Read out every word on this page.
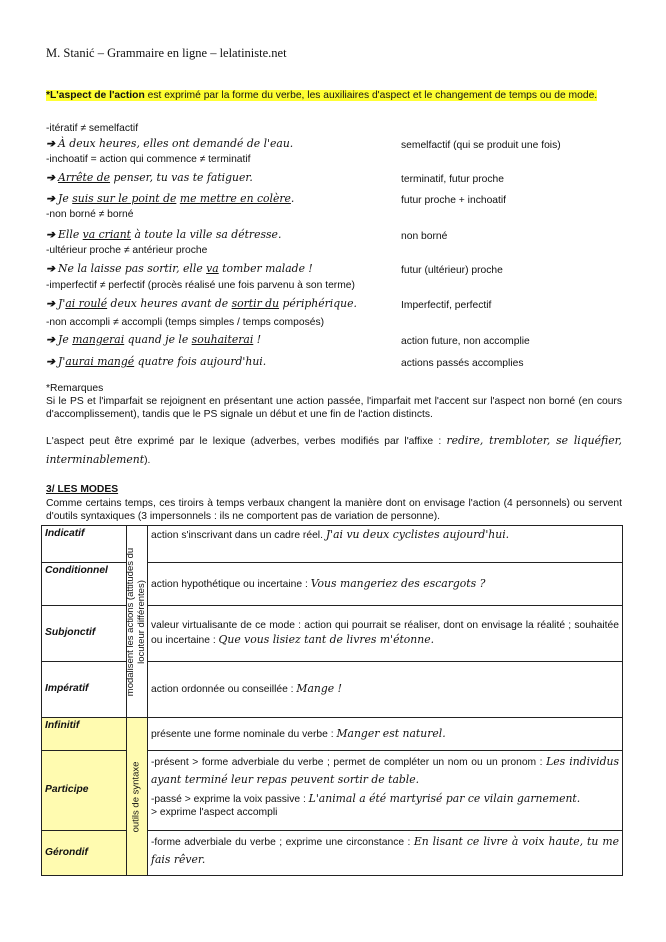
M. Stanić – Grammaire en ligne – lelatiniste.net
*L'aspect de l'action est exprimé par la forme du verbe, les auxiliaires d'aspect et le changement de temps ou de mode.
-itératif ≠ semelfactif
➔ À deux heures, elles ont demandé de l'eau.	semelfactif (qui se produit une fois)
-inchoatif = action qui commence ≠ terminatif
➔ Arrête de penser, tu vas te fatiguer.	terminatif, futur proche
➔ Je suis sur le point de me mettre en colère.	futur proche + inchoatif
-non borné ≠ borné
➔ Elle va criant à toute la ville sa détresse.	non borné
-ultérieur proche ≠ antérieur proche
➔ Ne la laisse pas sortir, elle va tomber malade !	futur (ultérieur) proche
-imperfectif ≠ perfectif (procès réalisé une fois parvenu à son terme)
➔ J'ai roulé deux heures avant de sortir du périphérique.	Imperfectif, perfectif
-non accompli ≠ accompli (temps simples / temps composés)
➔ Je mangerai quand je le souhaiterai !	action future, non accomplie
➔ J'aurai mangé quatre fois aujourd'hui.	actions passés accomplies
*Remarques
Si le PS et l'imparfait se rejoignent en présentant une action passée, l'imparfait met l'accent sur l'aspect non borné (en cours d'accomplissement), tandis que le PS signale un début et une fin de l'action distincts.
L'aspect peut être exprimé par le lexique (adverbes, verbes modifiés par l'affixe : redire, trembloter, se liquéfier, interminablement).
3/ LES MODES
Comme certains temps, ces tiroirs à temps verbaux changent la manière dont on envisage l'action (4 personnels) ou servent d'outils syntaxiques (3 impersonnels : ils ne comportent pas de variation de personne).
Indicatif	modalisent les actions (attitudes du locuteur différentes)	action s'inscrivant dans un cadre réel. J'ai vu deux cyclistes aujourd'hui.
Conditionnel		action hypothétique ou incertaine : Vous mangeriez des escargots ?
Subjonctif		valeur virtualisante de ce mode : action qui pourrait se réaliser, dont on envisage la réalité ; souhaitée ou incertaine : Que vous lisiez tant de livres m'étonne.
Impératif		action ordonnée ou conseillée : Mange !
Infinitif	outils de syntaxe	présente une forme nominale du verbe : Manger est naturel.
Participe		-présent > forme adverbiale du verbe ; permet de compléter un nom ou un pronom : Les individus ayant terminé leur repas peuvent sortir de table.
-passé > exprime la voix passive : L'animal a été martyrisé par ce vilain garnement.
> exprime l'aspect accompli

Gérondif		-forme adverbiale du verbe ; exprime une circonstance : En lisant ce livre à voix haute, tu me fais rêver.
